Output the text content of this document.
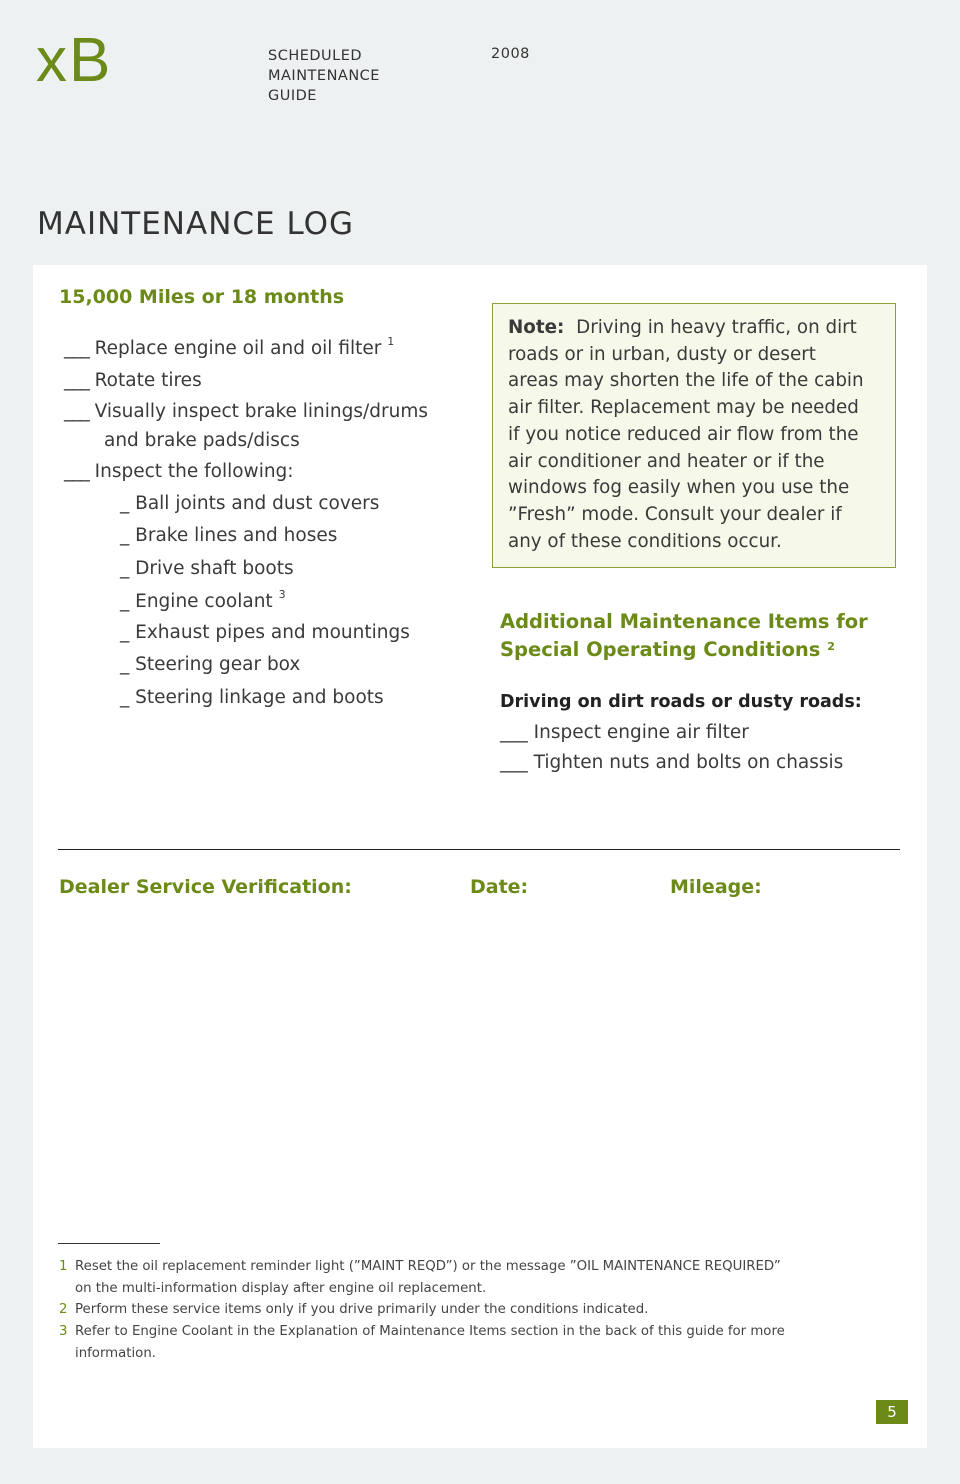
xB	SCHEDULED
MAINTENANCE
GUIDE
2008
MAINTENANCE LOG
15,000 Miles or 18 months
___ Replace engine oil and oil filter $^1$
___ Rotate tires
___ Visually inspect brake linings/drums
and brake pads/discs
___ Inspect the following:
_ Ball joints and dust covers
_ Brake lines and hoses
_ Drive shaft boots
_ Engine coolant $^3$
_ Exhaust pipes and mountings
_ Steering gear box
_ Steering linkage and boots
Note: Driving in heavy traffic, on dirt
roads or in urban, dusty or desert
areas may shorten the life of the cabin
air filter. Replacement may be needed
if you notice reduced air flow from the
air conditioner and heater or if the
windows fog easily when you use the
”Fresh” mode. Consult your dealer if
any of these conditions occur.
Additional Maintenance Items for
Special Operating Conditions $^2$
Driving on dirt roads or dusty roads:
___ Inspect engine air filter
___ Tighten nuts and bolts on chassis
Dealer Service Verification:	Date:	Mileage:
1 Reset the oil replacement reminder light (”MAINT REQD”) or the message ”OIL MAINTENANCE REQUIRED”
on the multi-information display after engine oil replacement.
2 Perform these service items only if you drive primarily under the conditions indicated.
3 Refer to Engine Coolant in the Explanation of Maintenance Items section in the back of this guide for more
information.
5
